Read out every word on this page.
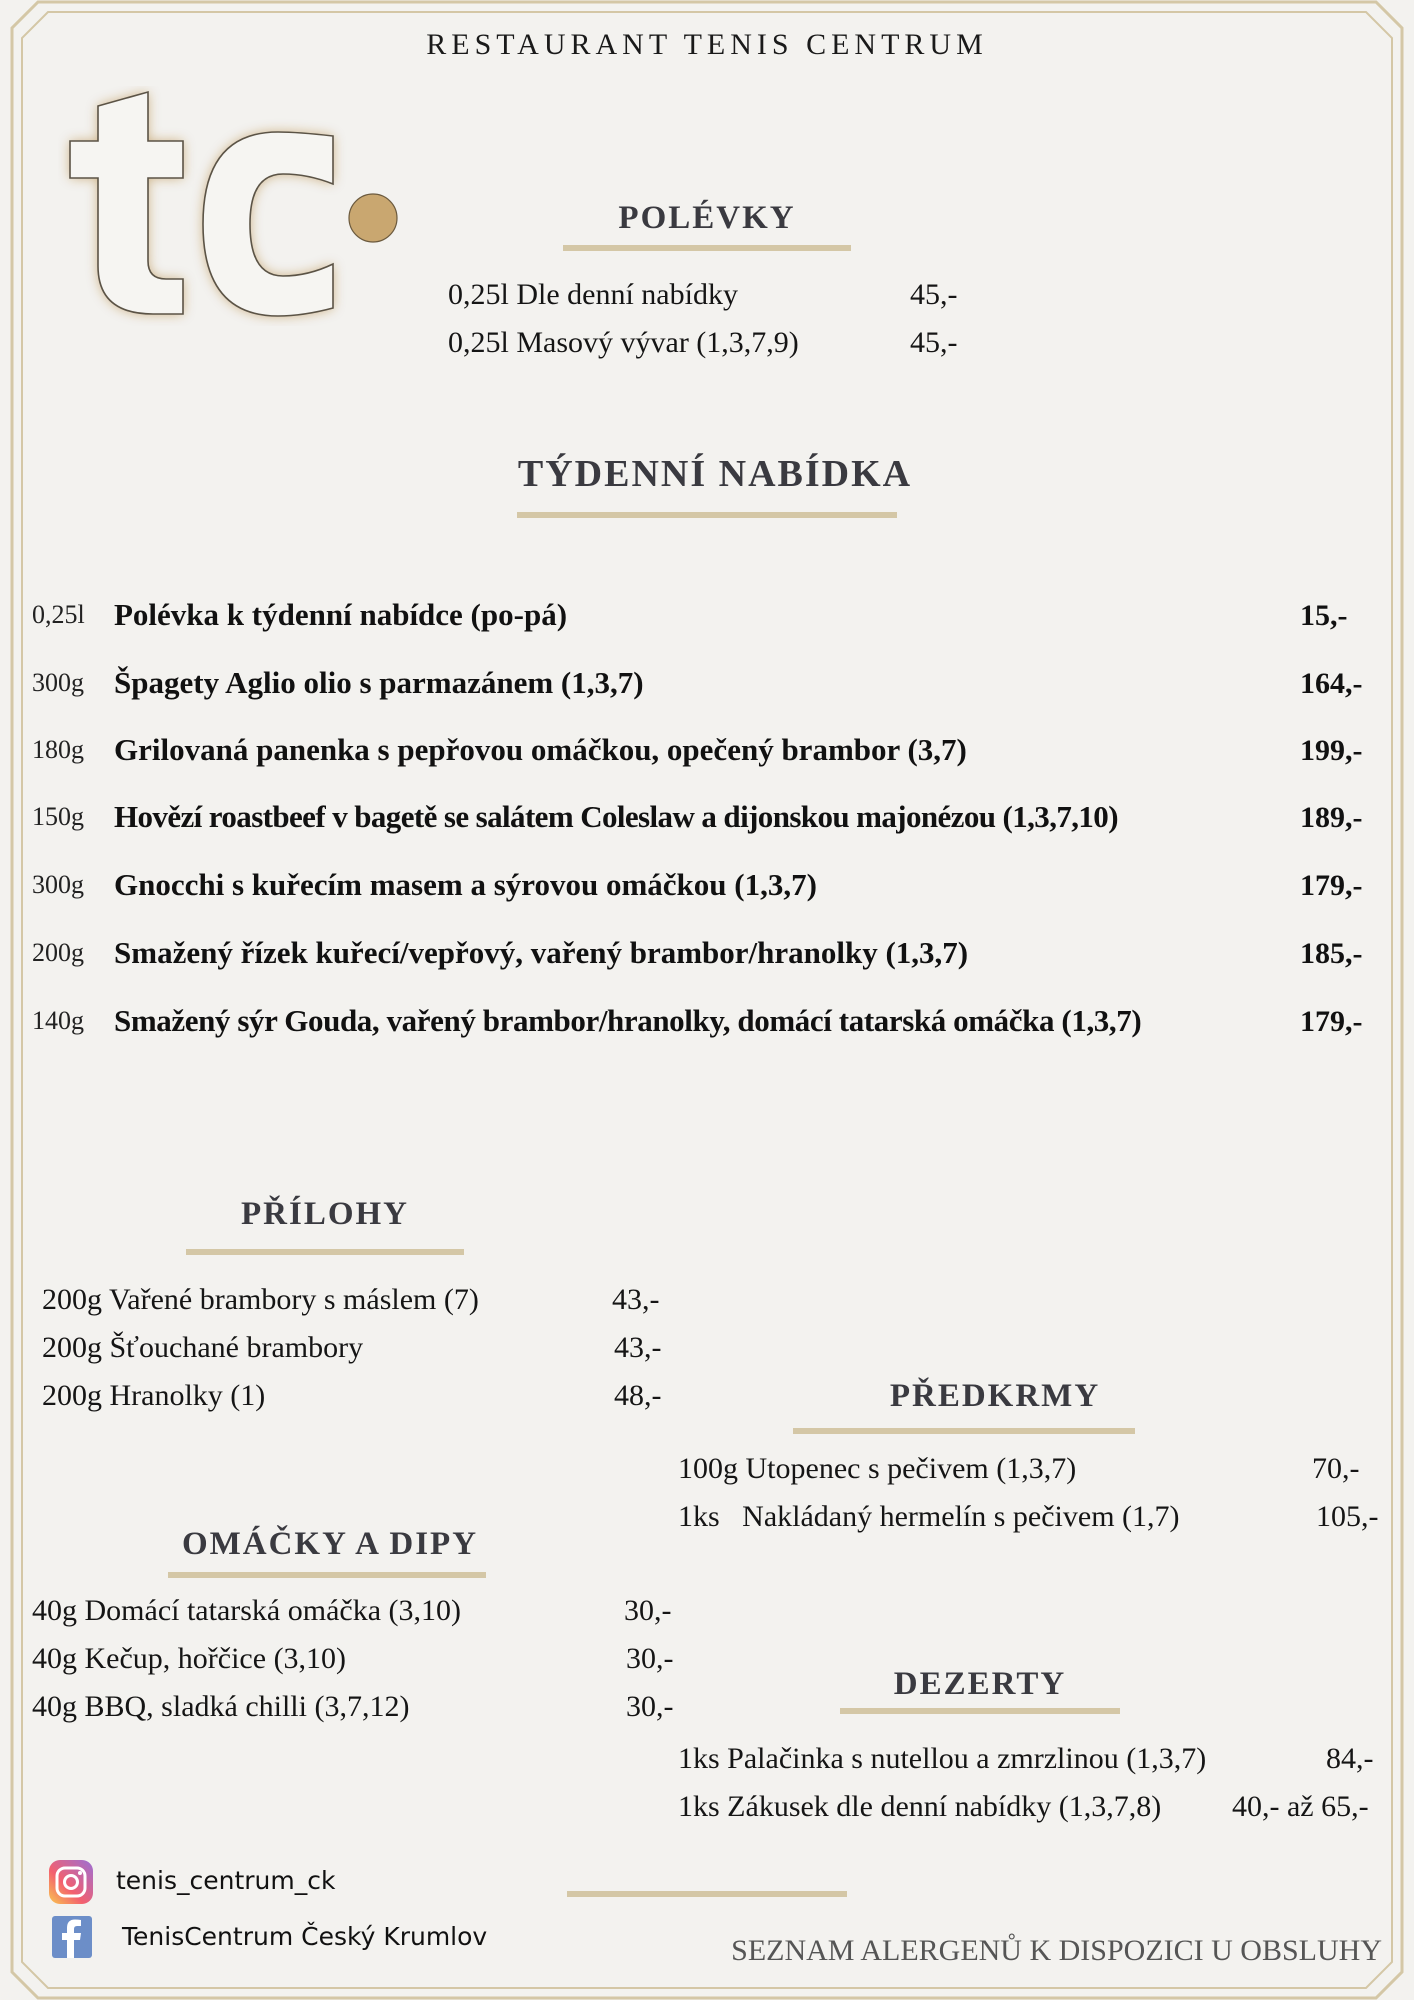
RESTAURANT TENIS CENTRUM
POLÉVKY
0,25l Dle denní nabídky	45,-
0,25l Masový vývar (1,3,7,9)	45,-
TÝDENNÍ NABÍDKA
0,25l Polévka k týdenní nabídce (po-pá)	15,-
300g Špagety Aglio olio s parmazánem (1,3,7)	164,-
180g Grilovaná panenka s pepřovou omáčkou, opečený brambor (3,7)	199,-
150g Hovězí roastbeef v bagetě se salátem Coleslaw a dijonskou majonézou (1,3,7,10)	189,-
300g Gnocchi s kuřecím masem a sýrovou omáčkou (1,3,7)	179,-
200g Smažený řízek kuřecí/vepřový, vařený brambor/hranolky (1,3,7)	185,-
140g Smažený sýr Gouda, vařený brambor/hranolky, domácí tatarská omáčka (1,3,7)	179,-
PŘÍLOHY
200g Vařené brambory s máslem (7)	43,-
200g Šťouchané brambory	43,-
200g Hranolky (1)	48,-	PŘEDKRMY
100g Utopenec s pečivem (1,3,7)	70,-
1ks   Nakládaný hermelín s pečivem (1,7)	105,-
OMÁČKY A DIPY
40g Domácí tatarská omáčka (3,10)	30,-
40g Kečup, hořčice (3,10)	30,-
40g BBQ, sladká chilli (3,7,12)	30,-
DEZERTY
1ks Palačinka s nutellou a zmrzlinou (1,3,7)	84,-
1ks Zákusek dle denní nabídky (1,3,7,8) 40,- až 65,-
tenis_centrum_ck
TenisCentrum Český Krumlov	SEZNAM ALERGENŮ K DISPOZICI U OBSLUHY
